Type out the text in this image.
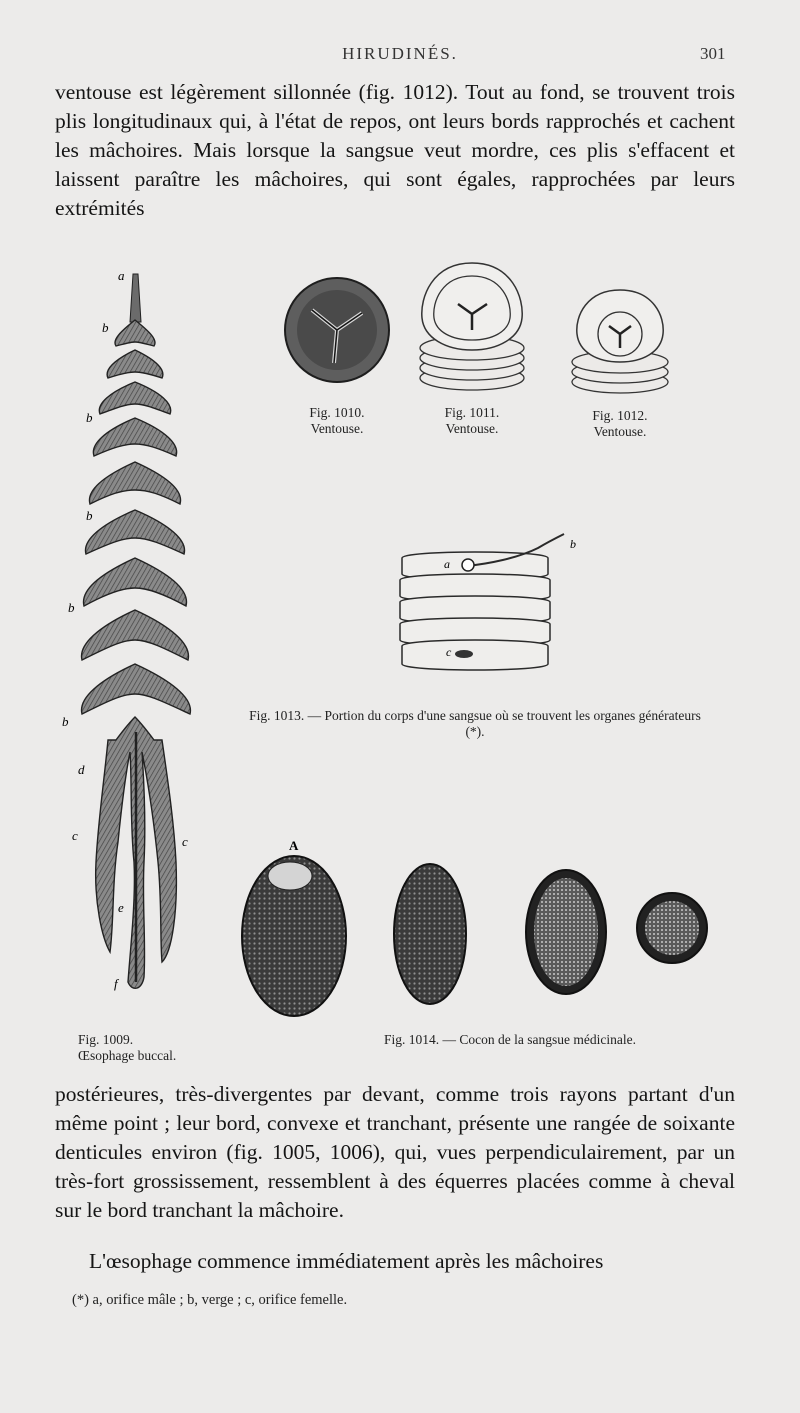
HIRUDINÉS.	301
ventouse est légèrement sillonnée (fig. 1012). Tout au fond, se trouvent trois plis longitudinaux qui, à l'état de repos, ont leurs bords rapprochés et cachent les mâchoires. Mais lorsque la sangsue veut mordre, ces plis s'effacent et laissent paraître les mâchoires, qui sont égales, rapprochées par leurs extrémités

a
b
b
b
b
b
d
c	c
e
f
Fig. 1010.
Ventouse.
Fig. 1011.
Ventouse.
Fig. 1012.
Ventouse.
a
b
c
Fig. 1013. — Portion du corps d'une sangsue où se trouvent les organes générateurs (*).
A
Fig. 1014. — Cocon de la sangsue médicinale.
Fig. 1009.
Œsophage buccal.
postérieures, très-divergentes par devant, comme trois rayons partant d'un même point ; leur bord, convexe et tranchant, présente une rangée de soixante denticules environ (fig. 1005, 1006), qui, vues perpendiculairement, par un très-fort grossissement, ressemblent à des équerres placées comme à cheval sur le bord tranchant la mâchoire.
L'œsophage commence immédiatement après les mâchoires
(*) a, orifice mâle ; b, verge ; c, orifice femelle.
